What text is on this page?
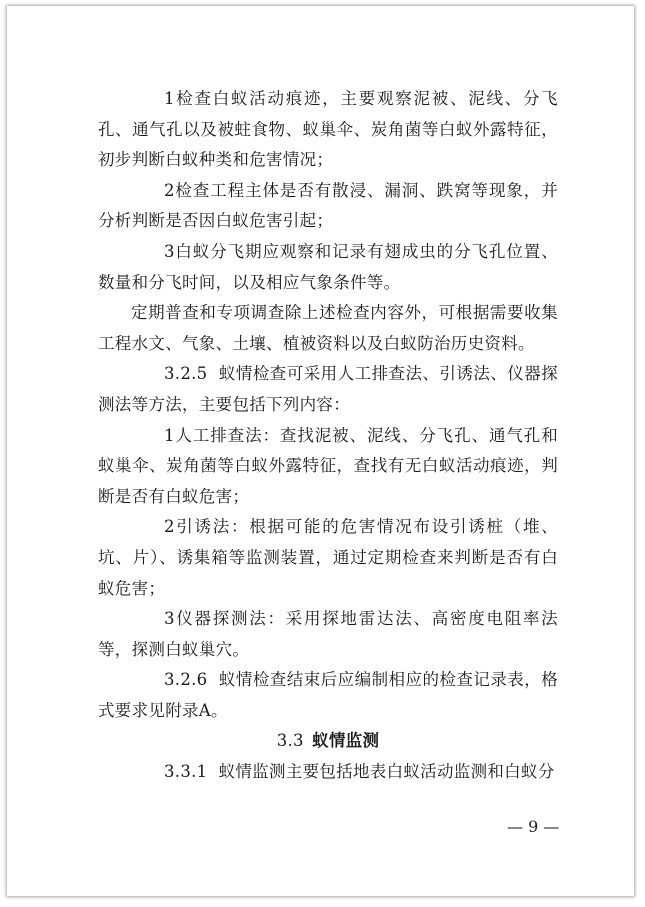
1检查白蚁活动痕迹，主要观察泥被、泥线、分飞孔、通气孔以及被蛀食物、蚁巢伞、炭角菌等白蚁外露特征，初步判断白蚁种类和危害情况；

2检查工程主体是否有散浸、漏洞、跌窝等现象，并分析判断是否因白蚁危害引起；

3白蚁分飞期应观察和记录有翅成虫的分飞孔位置、数量和分飞时间，以及相应气象条件等。

定期普查和专项调查除上述检查内容外，可根据需要收集工程水文、气象、土壤、植被资料以及白蚁防治历史资料。

3.2.5 蚁情检查可采用人工排查法、引诱法、仪器探测法等方法，主要包括下列内容：

1人工排查法：查找泥被、泥线、分飞孔、通气孔和蚁巢伞、炭角菌等白蚁外露特征，查找有无白蚁活动痕迹，判断是否有白蚁危害；

2引诱法：根据可能的危害情况布设引诱桩（堆、坑、片）、诱集箱等监测装置，通过定期检查来判断是否有白蚁危害；

3仪器探测法：采用探地雷达法、高密度电阻率法等，探测白蚁巢穴。

3.2.6 蚁情检查结束后应编制相应的检查记录表，格式要求见附录A。

3.3 蚁情监测

3.3.1 蚁情监测主要包括地表白蚁活动监测和白蚁分

— 9 —
